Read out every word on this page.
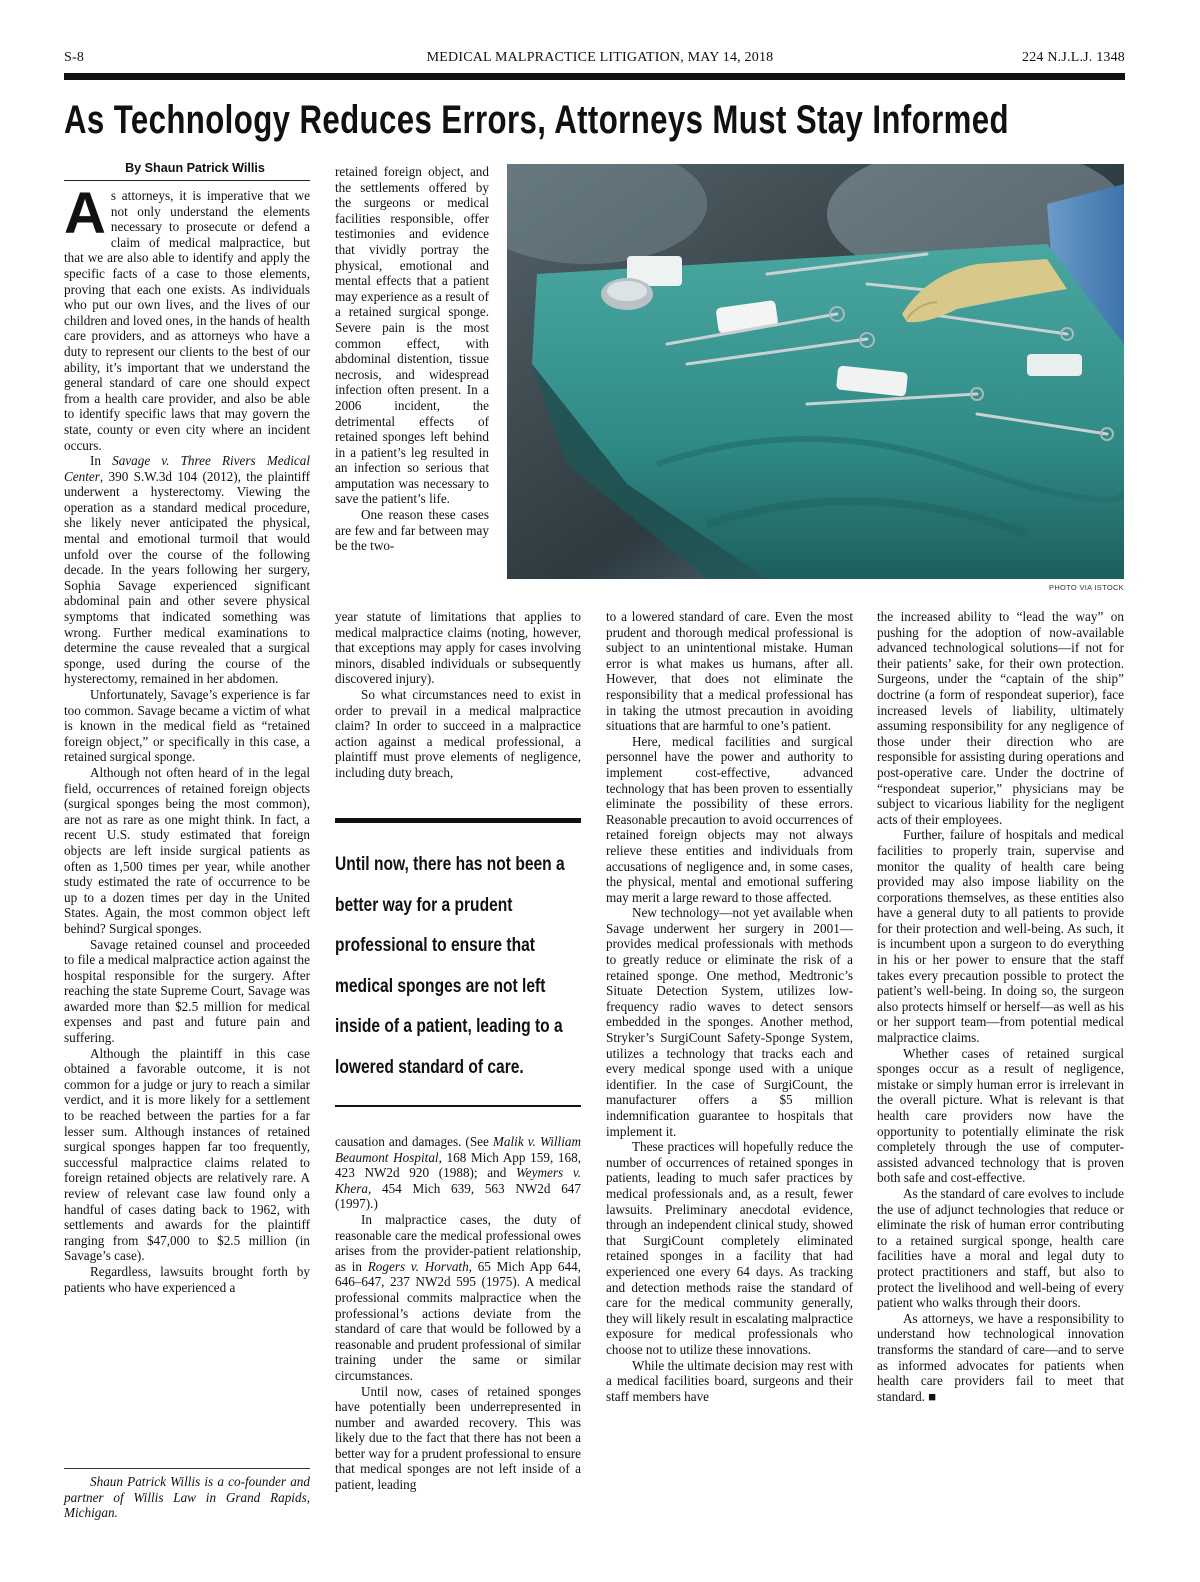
S-8	MEDICAL MALPRACTICE LITIGATION, MAY 14, 2018	224 N.J.L.J. 1348
As Technology Reduces Errors, Attorneys Must Stay Informed
By Shaun Patrick Willis

As attorneys, it is imperative that we not only understand the elements necessary to prosecute or defend a claim of medical malpractice, but that we are also able to identify and apply the specific facts of a case to those elements, proving that each one exists. As individuals who put our own lives, and the lives of our children and loved ones, in the hands of health care providers, and as attorneys who have a duty to represent our clients to the best of our ability, it’s important that we understand the general standard of care one should expect from a health care provider, and also be able to identify specific laws that may govern the state, county or even city where an incident occurs.

In Savage v. Three Rivers Medical Center, 390 S.W.3d 104 (2012), the plaintiff underwent a hysterectomy. Viewing the operation as a standard medical procedure, she likely never anticipated the physical, mental and emotional turmoil that would unfold over the course of the following decade. In the years following her surgery, Sophia Savage experienced significant abdominal pain and other severe physical symptoms that indicated something was wrong. Further medical examinations to determine the cause revealed that a surgical sponge, used during the course of the hysterectomy, remained in her abdomen.

Unfortunately, Savage’s experience is far too common. Savage became a victim of what is known in the medical field as “retained foreign object,” or specifically in this case, a retained surgical sponge.

Although not often heard of in the legal field, occurrences of retained foreign objects (surgical sponges being the most common), are not as rare as one might think. In fact, a recent U.S. study estimated that foreign objects are left inside surgical patients as often as 1,500 times per year, while another study estimated the rate of occurrence to be up to a dozen times per day in the United States. Again, the most common object left behind? Surgical sponges.

Savage retained counsel and proceeded to file a medical malpractice action against the hospital responsible for the surgery. After reaching the state Supreme Court, Savage was awarded more than $2.5 million for medical expenses and past and future pain and suffering.

Although the plaintiff in this case obtained a favorable outcome, it is not common for a judge or jury to reach a similar verdict, and it is more likely for a settlement to be reached between the parties for a far lesser sum. Although instances of retained surgical sponges happen far too frequently, successful malpractice claims related to foreign retained objects are relatively rare. A review of relevant case law found only a handful of cases dating back to 1962, with settlements and awards for the plaintiff ranging from $47,000 to $2.5 million (in Savage’s case).

Regardless, lawsuits brought forth by patients who have experienced a

Shaun Patrick Willis is a co-founder and partner of Willis Law in Grand Rapids, Michigan.

retained foreign object, and the settlements offered by the surgeons or medical facilities responsible, offer testimonies and evidence that vividly portray the physical, emotional and mental effects that a patient may experience as a result of a retained surgical sponge. Severe pain is the most common effect, with abdominal distention, tissue necrosis, and widespread infection often present. In a 2006 incident, the detrimental effects of retained sponges left behind in a patient’s leg resulted in an infection so serious that amputation was necessary to save the patient’s life.

One reason these cases are few and far between may be the two-

PHOTO VIA ISTOCK

year statute of limitations that applies to medical malpractice claims (noting, however, that exceptions may apply for cases involving minors, disabled individuals or subsequently discovered injury).

So what circumstances need to exist in order to prevail in a medical malpractice claim? In order to succeed in a malpractice action against a medical professional, a plaintiff must prove elements of negligence, including duty breach,

Until now, there has not been a better way for a prudent professional to ensure that medical sponges are not left inside of a patient, leading to a lowered standard of care.

causation and damages. (See Malik v. William Beaumont Hospital, 168 Mich App 159, 168, 423 NW2d 920 (1988); and Weymers v. Khera, 454 Mich 639, 563 NW2d 647 (1997).)

In malpractice cases, the duty of reasonable care the medical professional owes arises from the provider-patient relationship, as in Rogers v. Horvath, 65 Mich App 644, 646–647, 237 NW2d 595 (1975). A medical professional commits malpractice when the professional’s actions deviate from the standard of care that would be followed by a reasonable and prudent professional of similar training under the same or similar circumstances.

Until now, cases of retained sponges have potentially been underrepresented in number and awarded recovery. This was likely due to the fact that there has not been a better way for a prudent professional to ensure that medical sponges are not left inside of a patient, leading

to a lowered standard of care. Even the most prudent and thorough medical professional is subject to an unintentional mistake. Human error is what makes us humans, after all. However, that does not eliminate the responsibility that a medical professional has in taking the utmost precaution in avoiding situations that are harmful to one’s patient.

Here, medical facilities and surgical personnel have the power and authority to implement cost-effective, advanced technology that has been proven to essentially eliminate the possibility of these errors. Reasonable precaution to avoid occurrences of retained foreign objects may not always relieve these entities and individuals from accusations of negligence and, in some cases, the physical, mental and emotional suffering may merit a large reward to those affected.

New technology—not yet available when Savage underwent her surgery in 2001—provides medical professionals with methods to greatly reduce or eliminate the risk of a retained sponge. One method, Medtronic’s Situate Detection System, utilizes low-frequency radio waves to detect sensors embedded in the sponges. Another method, Stryker’s SurgiCount Safety-Sponge System, utilizes a technology that tracks each and every medical sponge used with a unique identifier. In the case of SurgiCount, the manufacturer offers a $5 million indemnification guarantee to hospitals that implement it.

These practices will hopefully reduce the number of occurrences of retained sponges in patients, leading to much safer practices by medical professionals and, as a result, fewer lawsuits. Preliminary anecdotal evidence, through an independent clinical study, showed that SurgiCount completely eliminated retained sponges in a facility that had experienced one every 64 days. As tracking and detection methods raise the standard of care for the medical community generally, they will likely result in escalating malpractice exposure for medical professionals who choose not to utilize these innovations.

While the ultimate decision may rest with a medical facilities board, surgeons and their staff members have

the increased ability to “lead the way” on pushing for the adoption of now-available advanced technological solutions—if not for their patients’ sake, for their own protection. Surgeons, under the “captain of the ship” doctrine (a form of respondeat superior), face increased levels of liability, ultimately assuming responsibility for any negligence of those under their direction who are responsible for assisting during operations and post-operative care. Under the doctrine of “respondeat superior,” physicians may be subject to vicarious liability for the negligent acts of their employees.

Further, failure of hospitals and medical facilities to properly train, supervise and monitor the quality of health care being provided may also impose liability on the corporations themselves, as these entities also have a general duty to all patients to provide for their protection and well-being. As such, it is incumbent upon a surgeon to do everything in his or her power to ensure that the staff takes every precaution possible to protect the patient’s well-being. In doing so, the surgeon also protects himself or herself—as well as his or her support team—from potential medical malpractice claims.

Whether cases of retained surgical sponges occur as a result of negligence, mistake or simply human error is irrelevant in the overall picture. What is relevant is that health care providers now have the opportunity to potentially eliminate the risk completely through the use of computer-assisted advanced technology that is proven both safe and cost-effective.

As the standard of care evolves to include the use of adjunct technologies that reduce or eliminate the risk of human error contributing to a retained surgical sponge, health care facilities have a moral and legal duty to protect practitioners and staff, but also to protect the livelihood and well-being of every patient who walks through their doors.

As attorneys, we have a responsibility to understand how technological innovation transforms the standard of care—and to serve as informed advocates for patients when health care providers fail to meet that standard. ■
